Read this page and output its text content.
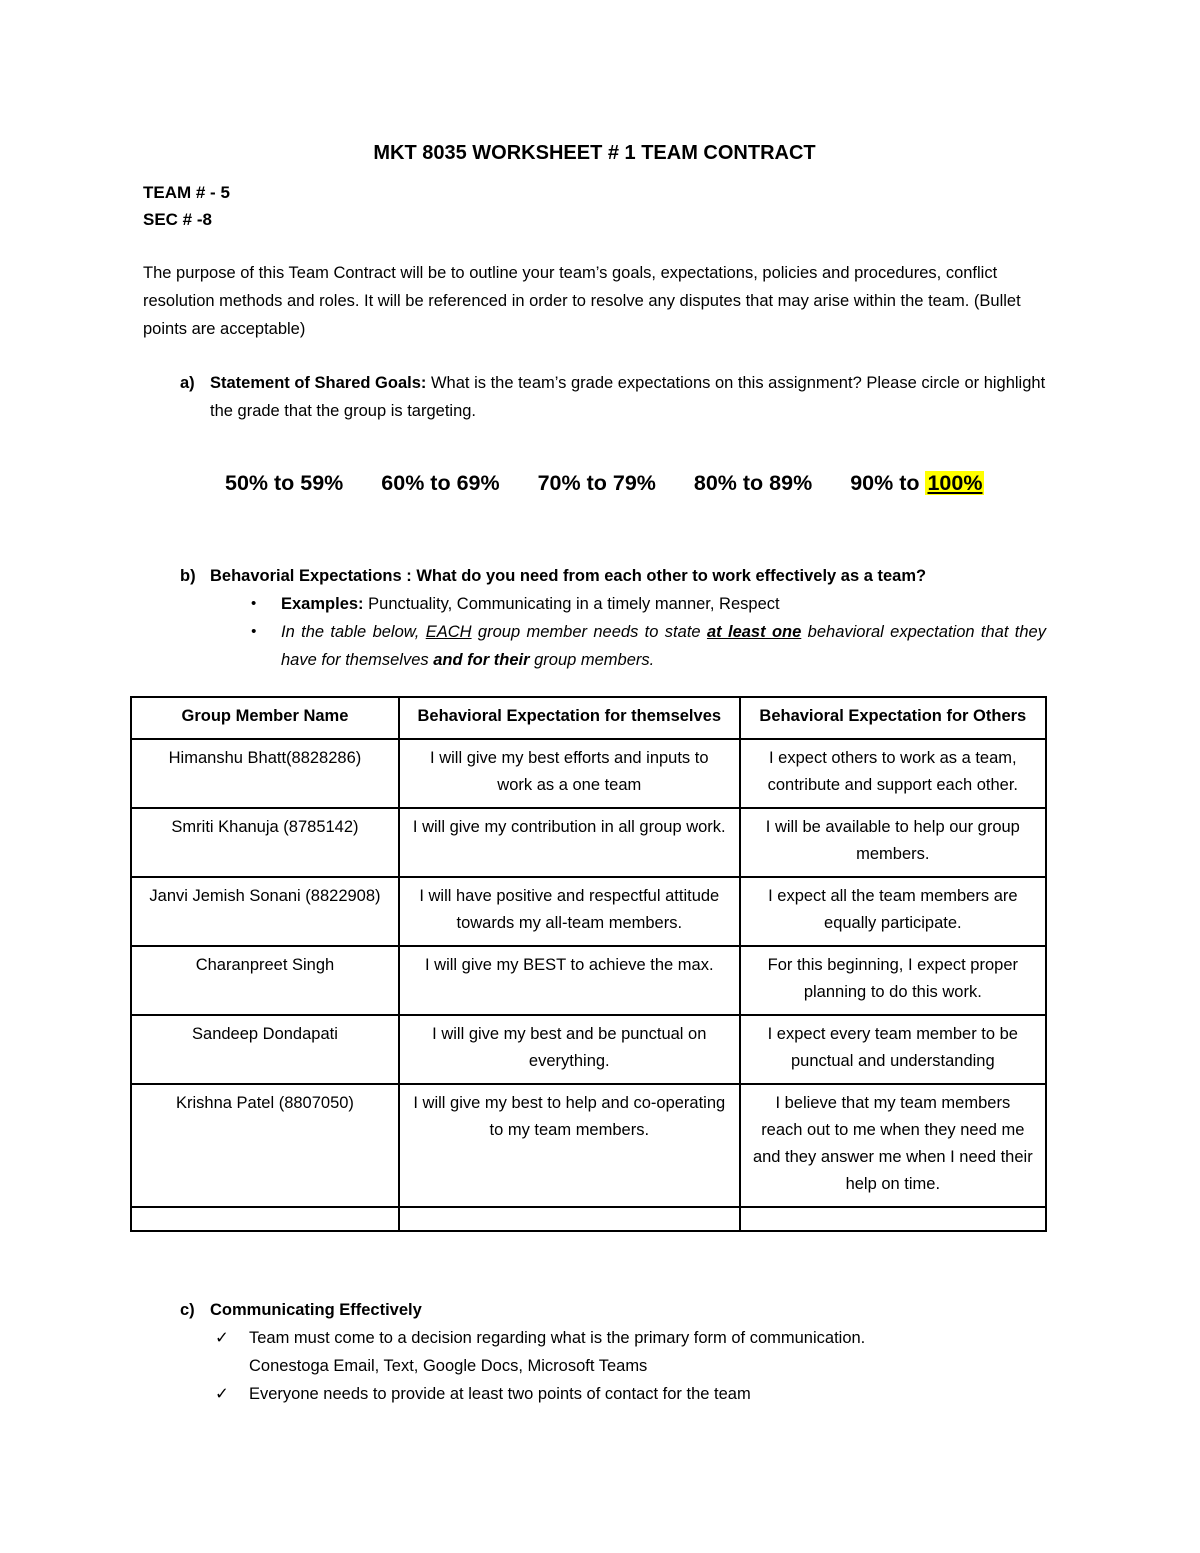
MKT 8035 WORKSHEET # 1 TEAM CONTRACT

TEAM # - 5

SEC # -8

The purpose of this Team Contract will be to outline your team’s goals, expectations, policies and procedures, conflict resolution methods and roles. It will be referenced in order to resolve any disputes that may arise within the team. (Bullet points are acceptable)

a) Statement of Shared Goals: What is the team’s grade expectations on this assignment? Please circle or highlight the grade that the group is targeting.
50% to 59% 60% to 69% 70% to 79% 80% to 89% 90% to 100%
b) Behavorial Expectations : What do you need from each other to work effectively as a team?
•	Examples: Punctuality, Communicating in a timely manner, Respect
•	In the table below, EACH group member needs to state at least one behavioral expectation that they have for themselves and for their group members.
Group Member Name	Behavioral Expectation for themselves	Behavioral Expectation for Others
Himanshu Bhatt(8828286)	I will give my best efforts and inputs to work as a one team	I expect others to work as a team, contribute and support each other.
Smriti Khanuja (8785142)	I will give my contribution in all group work.	I will be available to help our group members.
Janvi Jemish Sonani (8822908)	I will have positive and respectful attitude towards my all-team members.	I expect all the team members are equally participate.
Charanpreet Singh	I will give my BEST to achieve the max.	For this beginning, I expect proper planning to do this work.
Sandeep Dondapati	I will give my best and be punctual on everything.	I expect every team member to be punctual and understanding
Krishna Patel (8807050)	I will give my best to help and co-operating to my team members.	I believe that my team members reach out to me when they need me and they answer me when I need their help on time.

c) Communicating Effectively
✓	Team must come to a decision regarding what is the primary form of communication.
Conestoga Email, Text, Google Docs, Microsoft Teams
✓	Everyone needs to provide at least two points of contact for the team
